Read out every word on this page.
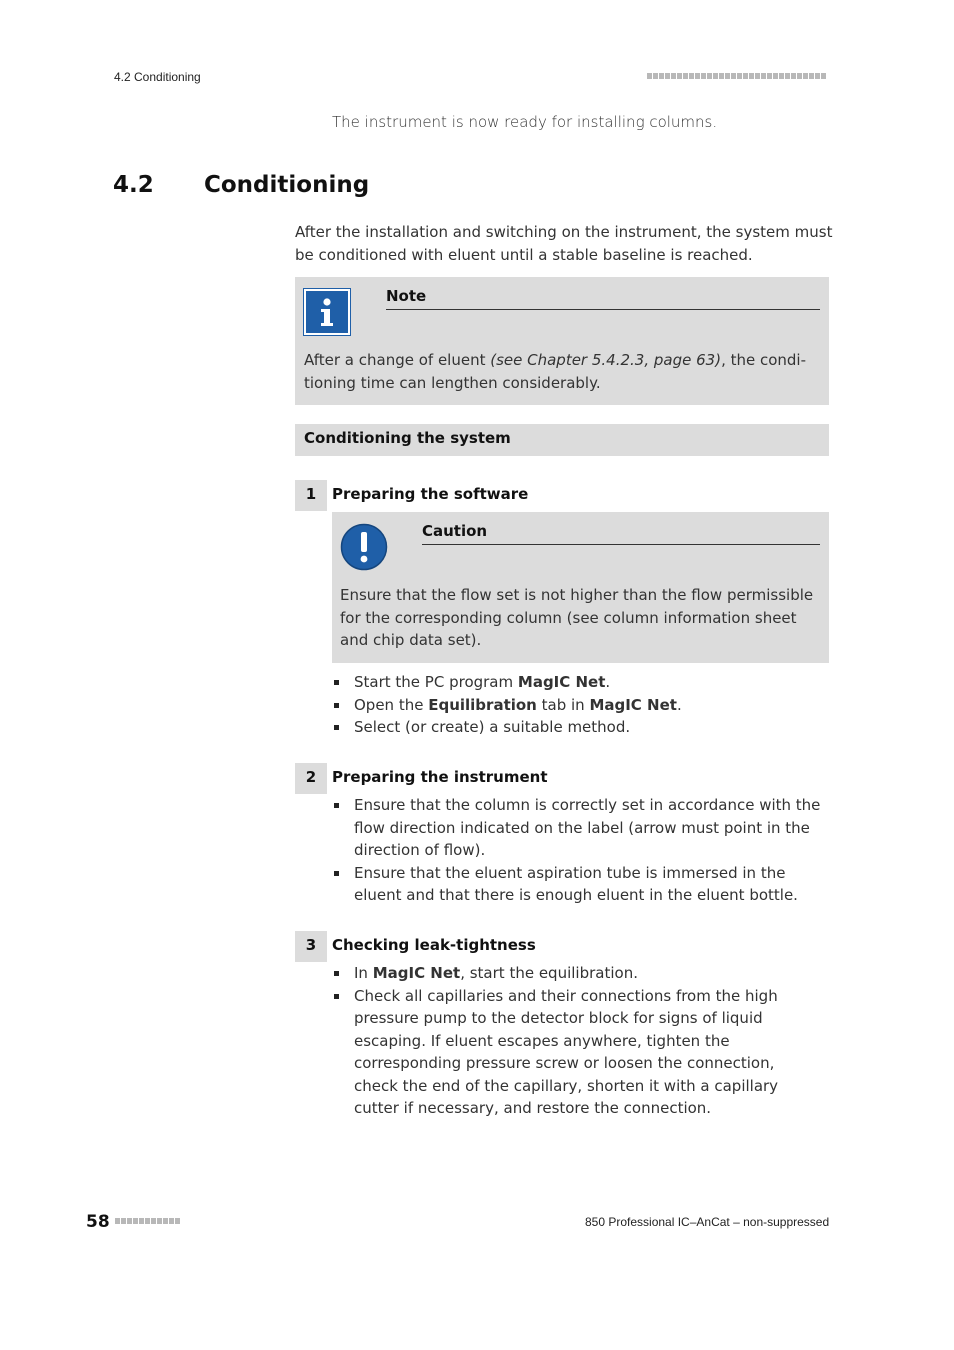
4.2 Conditioning
The instrument is now ready for installing columns.
4.2 Conditioning
After the installation and switching on the instrument, the system must be conditioned with eluent until a stable baseline is reached.
Note
After a change of eluent (see Chapter 5.4.2.3, page 63), the condi-tioning time can lengthen considerably.
Conditioning the system
1	Preparing the software
Caution
Ensure that the flow set is not higher than the flow permissible for the corresponding column (see column information sheet and chip data set).
Start the PC program MagIC Net.
Open the Equilibration tab in MagIC Net.
Select (or create) a suitable method.
2	Preparing the instrument
Ensure that the column is correctly set in accordance with the flow direction indicated on the label (arrow must point in the direction of flow).
Ensure that the eluent aspiration tube is immersed in the eluent and that there is enough eluent in the eluent bottle.
3	Checking leak-tightness
In MagIC Net, start the equilibration.
Check all capillaries and their connections from the high pressure pump to the detector block for signs of liquid escaping. If eluent escapes anywhere, tighten the corresponding pressure screw or loosen the connection, check the end of the capillary, shorten it with a capillary cutter if necessary, and restore the connection.
58	850 Professional IC–AnCat – non-suppressed
